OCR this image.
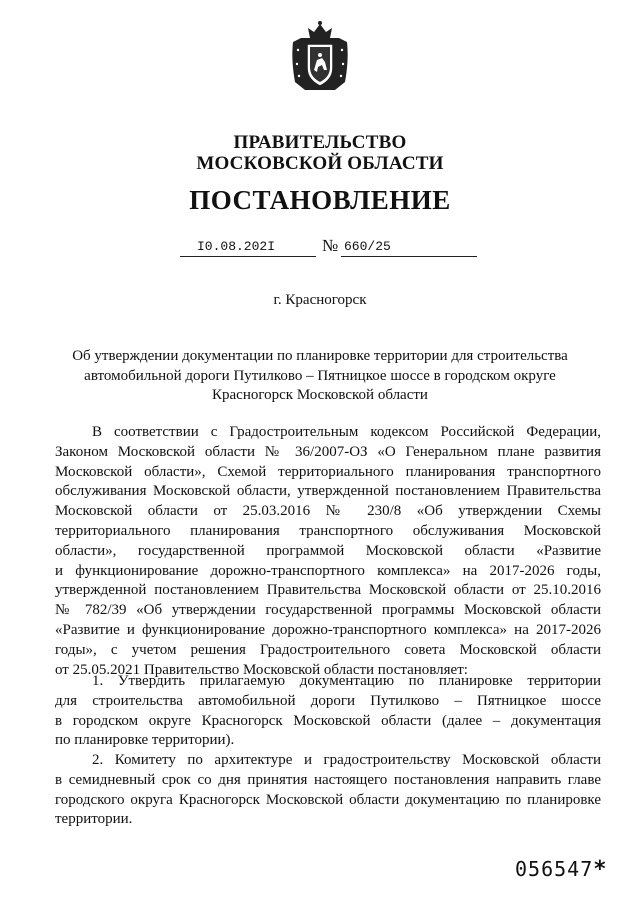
ПРАВИТЕЛЬСТВО
МОСКОВСКОЙ ОБЛАСТИ
ПОСТАНОВЛЕНИЕ
I0.08.202I	№ 660/25
г. Красногорск
Об утверждении документации по планировке территории для строительства
автомобильной дороги Путилково – Пятницкое шоссе в городском округе
Красногорск Московской области
В соответствии с Градостроительным кодексом Российской Федерации,
Законом Московской области № 36/2007-ОЗ «О Генеральном плане развития
Московской области», Схемой территориального планирования транспортного
обслуживания Московской области, утвержденной постановлением Правительства
Московской области от 25.03.2016 № 230/8 «Об утверждении Схемы
территориального планирования транспортного обслуживания Московской
области», государственной программой Московской области «Развитие
и функционирование дорожно-транспортного комплекса» на 2017-2026 годы,
утвержденной постановлением Правительства Московской области от 25.10.2016
№ 782/39 «Об утверждении государственной программы Московской области
«Развитие и функционирование дорожно-транспортного комплекса» на 2017-2026
годы», с учетом решения Градостроительного совета Московской области
от 25.05.2021 Правительство Московской области постановляет:
1. Утвердить прилагаемую документацию по планировке территории
для строительства автомобильной дороги Путилково – Пятницкое шоссе
в городском округе Красногорск Московской области (далее – документация
по планировке территории).
2. Комитету по архитектуре и градостроительству Московской области
в семидневный срок со дня принятия настоящего постановления направить главе
городского округа Красногорск Московской области документацию по планировке
территории.
056547*
